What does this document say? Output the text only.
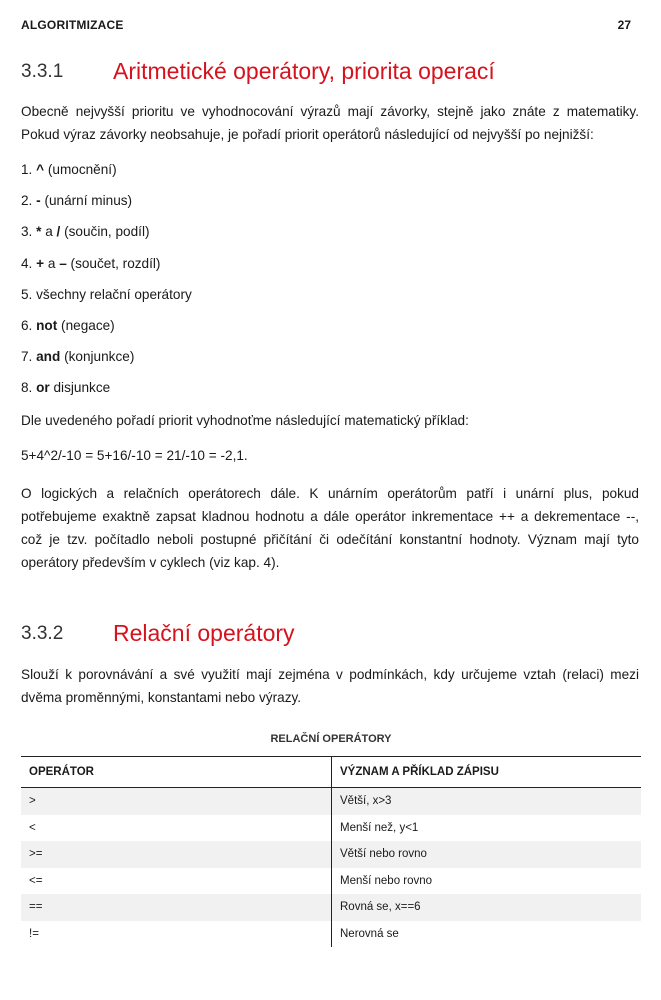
ALGORITMIZACE	27
3.3.1 Aritmetické operátory, priorita operací
Obecně nejvyšší prioritu ve vyhodnocování výrazů mají závorky, stejně jako znáte z matematiky. Pokud výraz závorky neobsahuje, je pořadí priorit operátorů následující od nejvyšší po nejnižší:
1. ^ (umocnění)
2. - (unární minus)
3. * a / (součin, podíl)
4. + a – (součet, rozdíl)
5. všechny relační operátory
6. not (negace)
7. and (konjunkce)
8. or disjunkce
Dle uvedeného pořadí priorit vyhodnoťme následující matematický příklad:
5+4^2/-10 = 5+16/-10 = 21/-10 = -2,1.
O logických a relačních operátorech dále. K unárním operátorům patří i unární plus, pokud potřebujeme exaktně zapsat kladnou hodnotu a dále operátor inkrementace ++ a dekrementace --, což je tzv. počítadlo neboli postupné přičítání či odečítání konstantní hodnoty. Význam mají tyto operátory především v cyklech (viz kap. 4).
3.3.2 Relační operátory
Slouží k porovnávání a své využití mají zejména v podmínkách, kdy určujeme vztah (relaci) mezi dvěma proměnnými, konstantami nebo výrazy.
RELAČNÍ OPERÁTORY
OPERÁTOR	VÝZNAM A PŘÍKLAD ZÁPISU
>	Větší, x>3
<	Menší než, y<1
>=	Větší nebo rovno
<=	Menší nebo rovno
==	Rovná se, x==6
!=	Nerovná se
